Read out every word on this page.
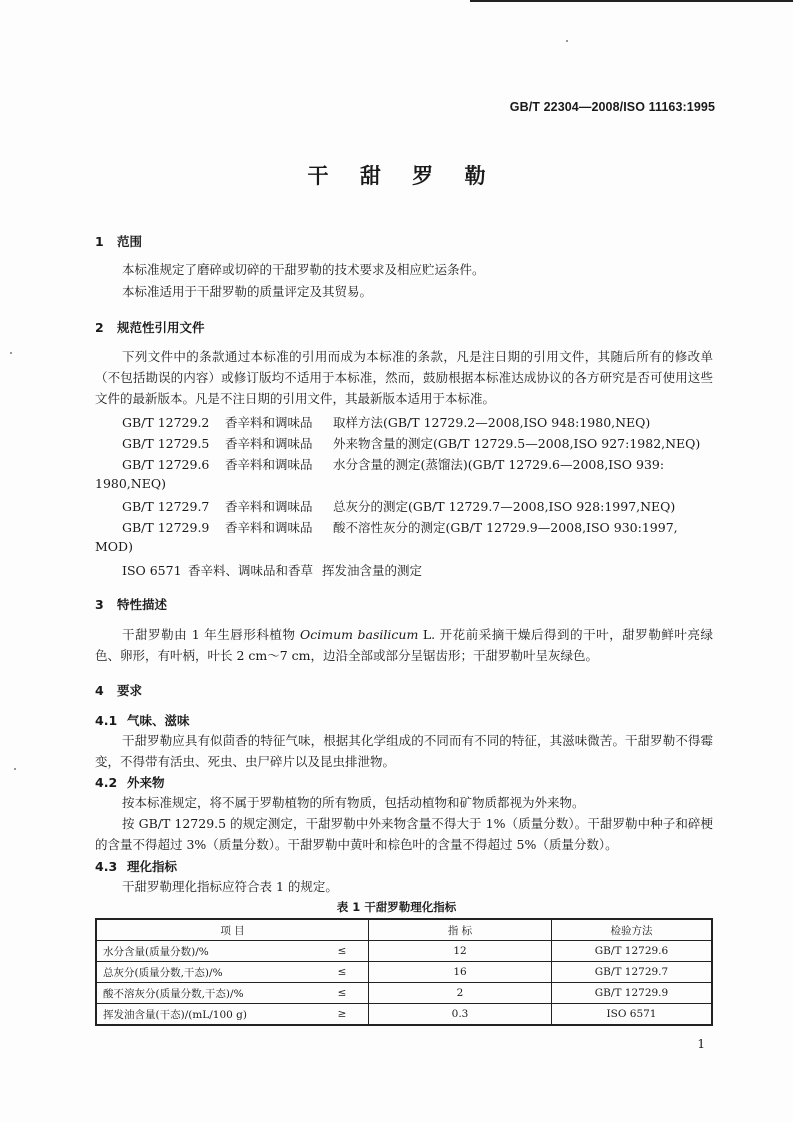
GB/T 22304—2008/ISO 11163:1995
干 甜 罗 勒
1 范围
本标准规定了磨碎或切碎的干甜罗勒的技术要求及相应贮运条件。
本标准适用于干甜罗勒的质量评定及其贸易。
2 规范性引用文件
下列文件中的条款通过本标准的引用而成为本标准的条款，凡是注日期的引用文件，其随后所有的修改单（不包括勘误的内容）或修订版均不适用于本标准，然而，鼓励根据本标准达成协议的各方研究是否可使用这些文件的最新版本。凡是不注日期的引用文件，其最新版本适用于本标准。
GB/T 12729.2 香辛料和调味品 取样方法(GB/T 12729.2—2008,ISO 948:1980,NEQ)
GB/T 12729.5 香辛料和调味品 外来物含量的测定(GB/T 12729.5—2008,ISO 927:1982,NEQ)
GB/T 12729.6 香辛料和调味品 水分含量的测定(蒸馏法)(GB/T 12729.6—2008,ISO 939:
1980,NEQ)
GB/T 12729.7 香辛料和调味品 总灰分的测定(GB/T 12729.7—2008,ISO 928:1997,NEQ)
GB/T 12729.9 香辛料和调味品 酸不溶性灰分的测定(GB/T 12729.9—2008,ISO 930:1997,
MOD)
ISO 6571 香辛料、调味品和香草 挥发油含量的测定
3 特性描述
干甜罗勒由 1 年生唇形科植物 Ocimum basilicum L. 开花前采摘干燥后得到的干叶，甜罗勒鲜叶亮绿色、卵形，有叶柄，叶长 2 cm～7 cm，边沿全部或部分呈锯齿形；干甜罗勒叶呈灰绿色。
4 要求
4.1 气味、滋味
干甜罗勒应具有似茴香的特征气味，根据其化学组成的不同而有不同的特征，其滋味微苦。干甜罗勒不得霉变，不得带有活虫、死虫、虫尸碎片以及昆虫排泄物。
4.2 外来物
按本标准规定，将不属于罗勒植物的所有物质，包括动植物和矿物质都视为外来物。
按 GB/T 12729.5 的规定测定，干甜罗勒中外来物含量不得大于 1%（质量分数）。干甜罗勒中种子和碎梗的含量不得超过 3%（质量分数）。干甜罗勒中黄叶和棕色叶的含量不得超过 5%（质量分数）。
4.3 理化指标
干甜罗勒理化指标应符合表 1 的规定。
表 1 干甜罗勒理化指标
项 目		指 标	检验方法
水分含量(质量分数)/%	≤	12	GB/T 12729.6
总灰分(质量分数,干态)/%	≤	16	GB/T 12729.7
酸不溶灰分(质量分数,干态)/%	≤	2	GB/T 12729.9
挥发油含量(干态)/(mL/100 g)	≥	0.3	ISO 6571
1
